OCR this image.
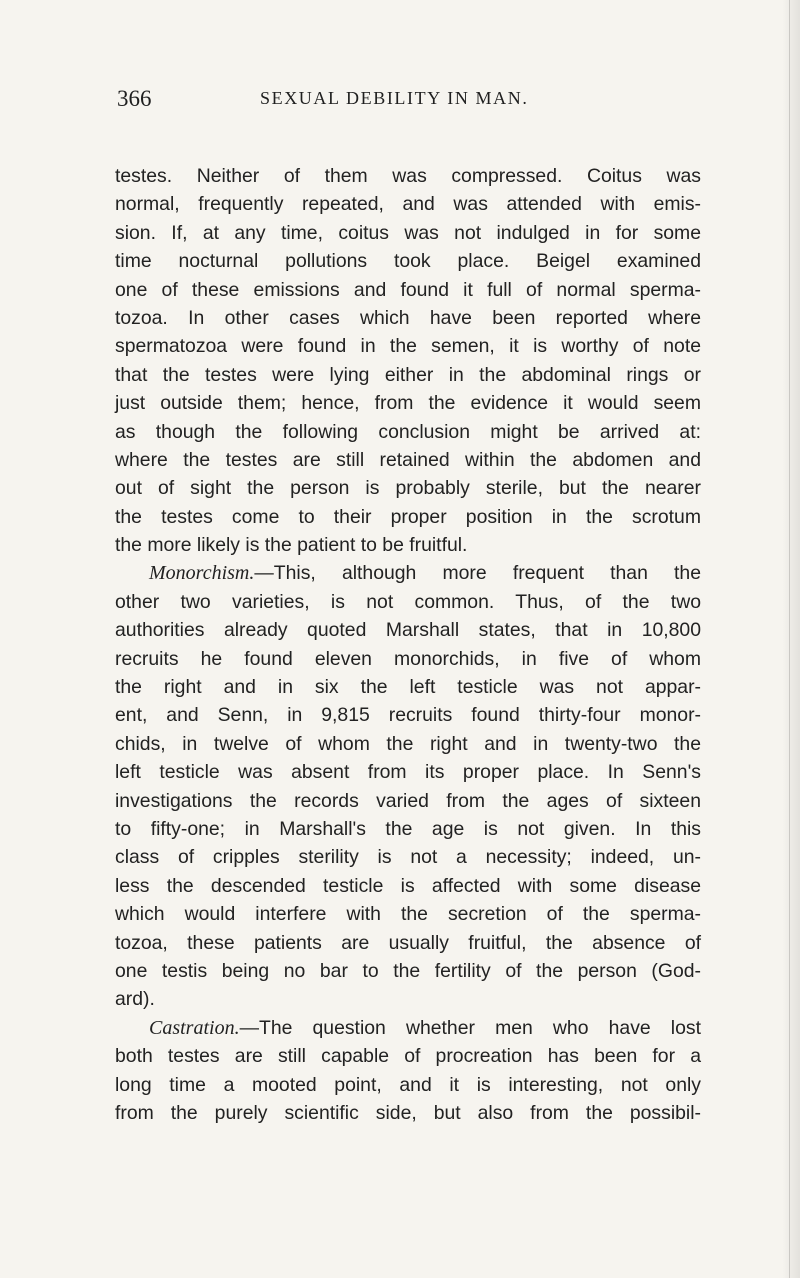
366	SEXUAL DEBILITY IN MAN.
testes. Neither of them was compressed. Coitus was
normal, frequently repeated, and was attended with emis-
sion. If, at any time, coitus was not indulged in for some
time nocturnal pollutions took place. Beigel examined
one of these emissions and found it full of normal sperma-
tozoa. In other cases which have been reported where
spermatozoa were found in the semen, it is worthy of note
that the testes were lying either in the abdominal rings or
just outside them; hence, from the evidence it would seem
as though the following conclusion might be arrived at:
where the testes are still retained within the abdomen and
out of sight the person is probably sterile, but the nearer
the testes come to their proper position in the scrotum
the more likely is the patient to be fruitful.
Monorchism.—This, although more frequent than the
other two varieties, is not common. Thus, of the two
authorities already quoted Marshall states, that in 10,800
recruits he found eleven monorchids, in five of whom
the right and in six the left testicle was not appar-
ent, and Senn, in 9,815 recruits found thirty-four monor-
chids, in twelve of whom the right and in twenty-two the
left testicle was absent from its proper place. In Senn's
investigations the records varied from the ages of sixteen
to fifty-one; in Marshall's the age is not given. In this
class of cripples sterility is not a necessity; indeed, un-
less the descended testicle is affected with some disease
which would interfere with the secretion of the sperma-
tozoa, these patients are usually fruitful, the absence of
one testis being no bar to the fertility of the person (God-
ard).
Castration.—The question whether men who have lost
both testes are still capable of procreation has been for a
long time a mooted point, and it is interesting, not only
from the purely scientific side, but also from the possibil-
